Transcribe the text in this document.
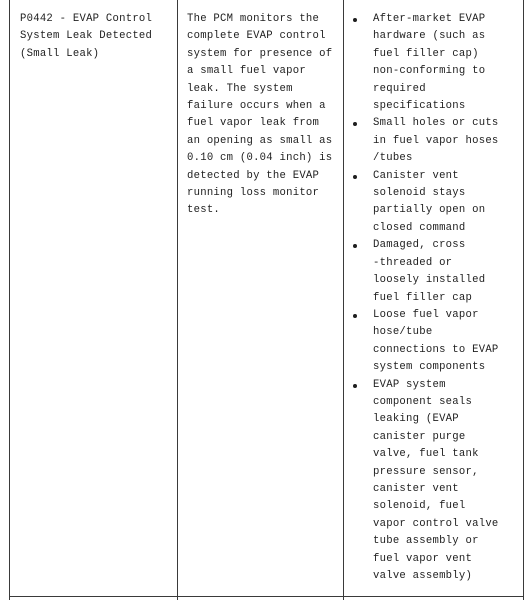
P0442 - EVAP Control
System Leak Detected
(Small Leak)
The PCM monitors the
complete EVAP control
system for presence of
a small fuel vapor
leak. The system
failure occurs when a
fuel vapor leak from
an opening as small as
0.10 cm (0.04 inch) is
detected by the EVAP
running loss monitor
test.
After-market EVAP
hardware (such as
fuel filler cap)
non-conforming to
required
specifications
Small holes or cuts
in fuel vapor hoses
/tubes
Canister vent
solenoid stays
partially open on
closed command
Damaged, cross
-threaded or
loosely installed
fuel filler cap
Loose fuel vapor
hose/tube
connections to EVAP
system components
EVAP system
component seals
leaking (EVAP
canister purge
valve, fuel tank
pressure sensor,
canister vent
solenoid, fuel
vapor control valve
tube assembly or
fuel vapor vent
valve assembly)
